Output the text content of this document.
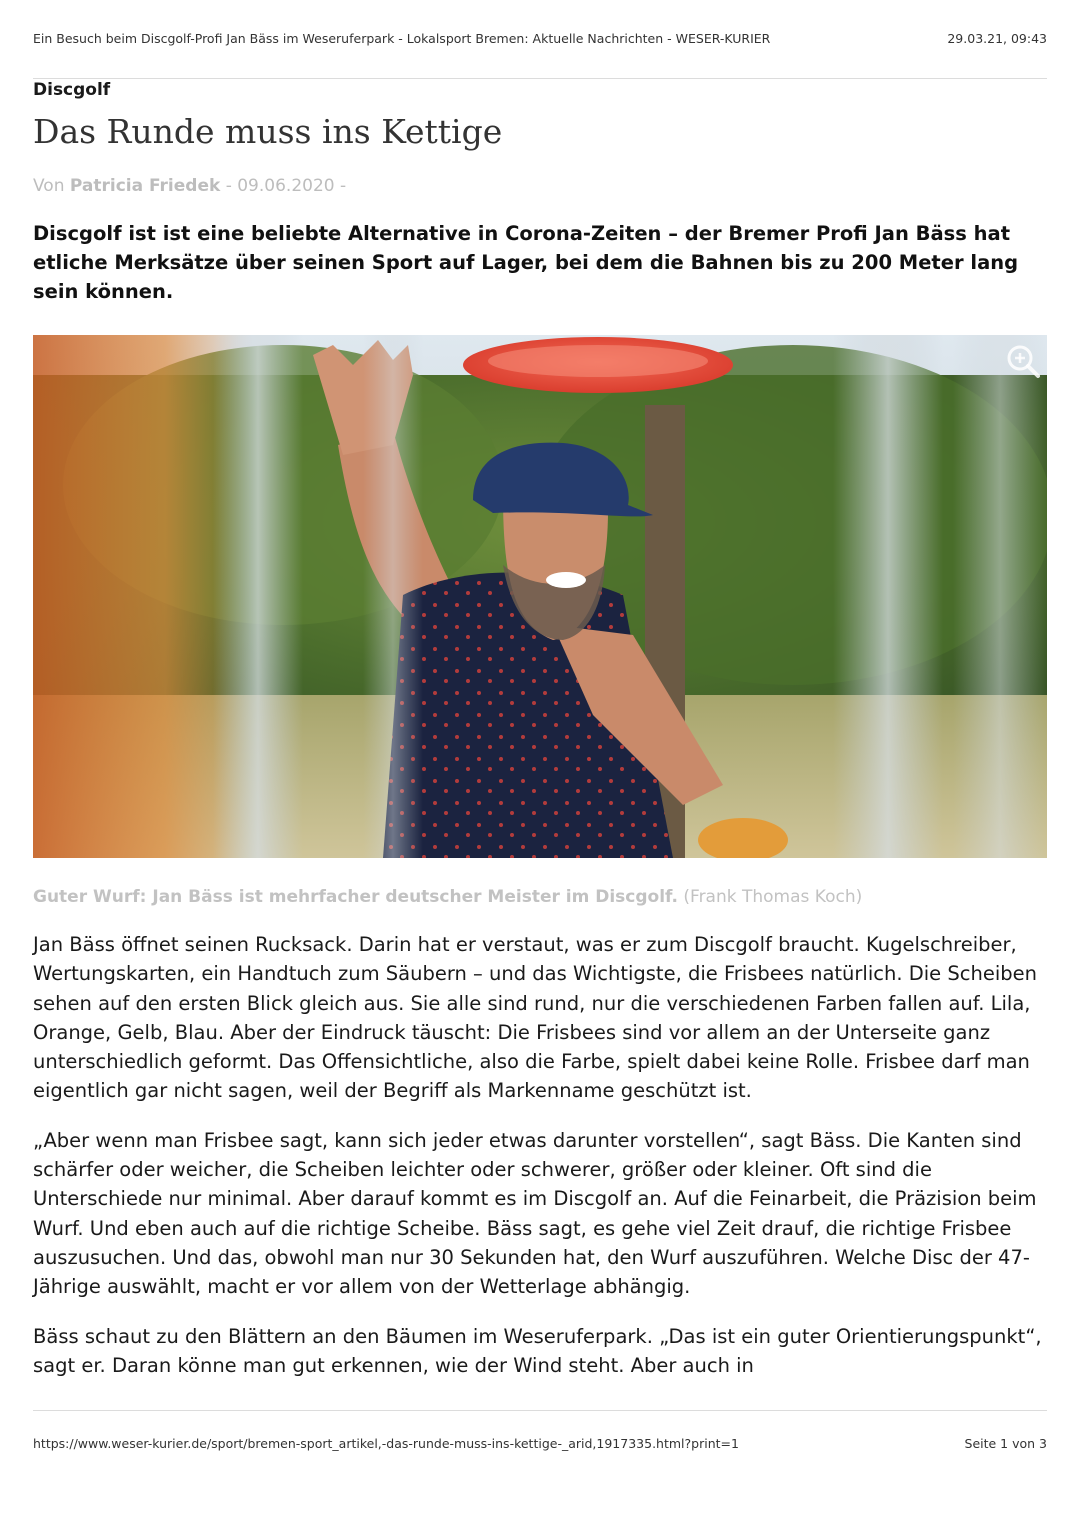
Ein Besuch beim Discgolf-Profi Jan Bäss im Weseruferpark - Lokalsport Bremen: Aktuelle Nachrichten - WESER-KURIER	29.03.21, 09:43
Discgolf
Das Runde muss ins Kettige
Von Patricia Friedek - 09.06.2020 -

Discgolf ist ist eine beliebte Alternative in Corona-Zeiten – der Bremer Profi Jan Bäss hat etliche Merksätze über seinen Sport auf Lager, bei dem die Bahnen bis zu 200 Meter lang sein können.

Guter Wurf: Jan Bäss ist mehrfacher deutscher Meister im Discgolf. (Frank Thomas Koch)

Jan Bäss öffnet seinen Rucksack. Darin hat er verstaut, was er zum Discgolf braucht. Kugelschreiber, Wertungskarten, ein Handtuch zum Säubern – und das Wichtigste, die Frisbees natürlich. Die Scheiben sehen auf den ersten Blick gleich aus. Sie alle sind rund, nur die verschiedenen Farben fallen auf. Lila, Orange, Gelb, Blau. Aber der Eindruck täuscht: Die Frisbees sind vor allem an der Unterseite ganz unterschiedlich geformt. Das Offensichtliche, also die Farbe, spielt dabei keine Rolle. Frisbee darf man eigentlich gar nicht sagen, weil der Begriff als Markenname geschützt ist.

„Aber wenn man Frisbee sagt, kann sich jeder etwas darunter vorstellen“, sagt Bäss. Die Kanten sind schärfer oder weicher, die Scheiben leichter oder schwerer, größer oder kleiner. Oft sind die Unterschiede nur minimal. Aber darauf kommt es im Discgolf an. Auf die Feinarbeit, die Präzision beim Wurf. Und eben auch auf die richtige Scheibe. Bäss sagt, es gehe viel Zeit drauf, die richtige Frisbee auszusuchen. Und das, obwohl man nur 30 Sekunden hat, den Wurf auszuführen. Welche Disc der 47-Jährige auswählt, macht er vor allem von der Wetterlage abhängig.

Bäss schaut zu den Blättern an den Bäumen im Weseruferpark. „Das ist ein guter Orientierungspunkt“, sagt er. Daran könne man gut erkennen, wie der Wind steht. Aber auch in

https://www.weser-kurier.de/sport/bremen-sport_artikel,-das-runde-muss-ins-kettige-_arid,1917335.html?print=1	Seite 1 von 3
